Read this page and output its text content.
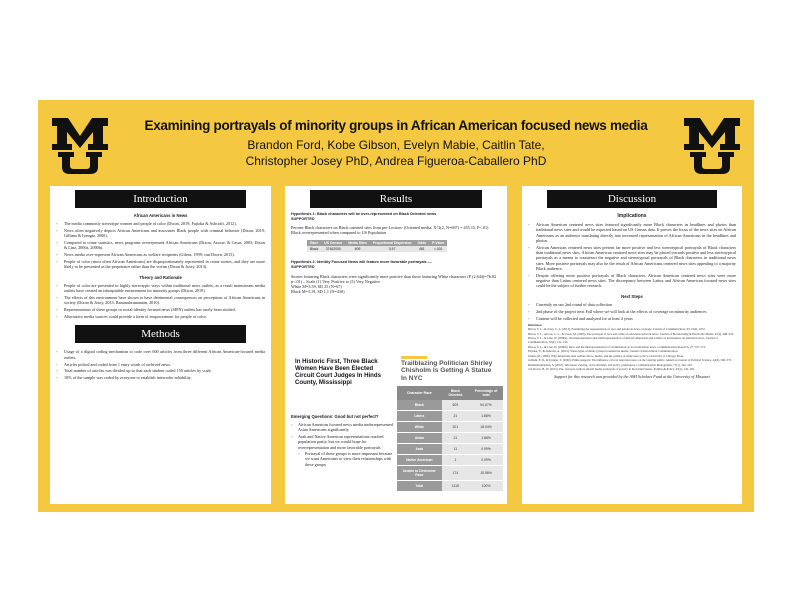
Examining portrayals of minority groups in African American focused news media
Brandon Ford, Kobe Gibson, Evelyn Mabie, Caitlin Tate,
Christopher Josey PhD, Andrea Figueroa-Caballero PhD
Introduction
African Americans in News
◦ The media commonly stereotype women and people of color (Dixon, 2019; Fujioka & Ashcraft, 2012).
◦ News often negatively depicts African Americans and associates Black people with criminal behavior (Dixon, 2019; Gilliam & Iyengar, 2000).
◦ Compared to crime statistics, news programs overrepresent African Americans (Dixon, Azocar, & Casas, 2003; Dixon & Linz, 2000a, 2000b).
◦ News media over-represent African Americans as welfare recipients (Gilens, 1999; van Doorn, 2015).
◦ People of color (most often African Americans) are disproportionately represented in crime stories, and they are more likely to be presented as the perpetrator rather than the victim (Dixon & Josey, 2013).
Theory and Rationale
◦ People of color are presented in highly stereotypic ways within traditional news outlets; as a result mainstream media outlets have created an inhospitable environment for minority groups (Dixon, 2019).
◦ The effects of this environment have shown to have detrimental consequences on perceptions of African Americans in society (Dixon & Josey, 2013; Ramasubramanian, 2010).
◦ Representations of these groups in social identity focused news (SIFN) outlets has rarely been studied.
◦ Alternative media sources could provide a form of empowerment for people of color.
Methods
◦ Usage of a digital coding mechanism to code over 600 articles from three different African American-focused media outlets.
◦ Articles picked and coded from 1 entry worth of archived news.
◦ Total number of articles was divided up so that each student coded 150 articles by scale.
◦ 10% of the sample was coded by everyone to establish intercoder reliability.
Results
Hypothesis 1: Black characters will be over-represented on Black Oriented news
SUPPORTED
Percent Black characters on Black oriented sites from pre-Lection- (Oriented media, X^2(2, N=667) = 455.15, P<.01)
Black overrepresented when compared to US Population
Race	US Census	Media Sites	Proportional Dispersion	Odds	P-Value
Black	37462000	609	0.57	481	<.001
Hypothesis 2: Identity Focused News will feature more favorable portrayals —
SUPPORTED
Stories featuring Black characters were significantly more positive than those featuring White characters (F (2,644)=76.02 p<.01) – Scale (1) Very Positive to (5) Very Negative
White M=3.59, SD 25 (N=67)
Black M=3.19, SD 1.1 (N=430)
In Historic First, Three Black Women Have Been Elected Circuit Court Judges In Hinds County, Mississippi
Trailblazing Politician Shirley Chisholm Is Getting A Statue In NYC
Emerging Questions: Good but not perfect?
◦ African American focused news media underrepresented Asian Americans significantly
◦ Arab and Native American representations reached population parity, but we would hope for overrepresentation and more favorable portrayals
◦ Portrayal of these groups is more important because we want Americans to view their relationships with these groups
Character Race	Black Oriented	Percentage of total
Black	609	54.67%
Latinx	21	1.88%
White	201	18.04%
Asian	21	1.88%
Arab	11	0.99%
Native American	1	0.09%
Unable to Determine Race	174	15.56%
Total	1115	100%
Discussion
Implications
◦ African American centered news sites featured significantly more Black characters in headlines and photos than traditional news sites and would be expected based on US Census data. It proves the focus of the news sites on African Americans as an audience translating directly into increased representation of African Americans in the headlines and photos.
◦ African American centered news sites present far more positive and less stereotypical portrayals of Black characters than traditional news sites. African American centered news sites may be placed towards positive and less stereotypical portrayals as a means to counteract the negative and stereotypical portrayals of Black characters in traditional news sites. More positive portrayals may also be the result of African Americans centered news sites appealing to a majority Black audience.
◦ Despite offering more positive portrayals of Black characters, African American centered news sites were more negative than Latinx centered news sites. The discrepancy between Latinx and African American focused news sites could be the subject of further research.
Next Steps
◦ Currently on our 2nd round of data collection
◦ 2nd phase of the project next Fall where we will look at the effects of coverage on minority audiences
◦ Content will be collected and analyzed for at least 4 years

References

Dixon, T. L., & Josey, C. L. (2013). Examining the representation of race and gender in news coverage. Journal of Communication, 63, 1045–1072.

Dixon, T. L., Azocar, C. L., & Casas, M. (2003). The portrayal of race and crime on television network news. Journal of Broadcasting & Electronic Media, 47(4), 498–523.

Dixon, T. L., & Linz, D. (2000a). Overrepresentation and underrepresentation of African Americans and Latinos as lawbreakers on television news. Journal of Communication, 50(2), 131–154.

Dixon, T. L., & Linz, D. (2000b). Race and the misrepresentation of victimization on local television news. Communication Research, 27, 547–573.

Fujioka, Y., & Ashcraft, A. (2012). Stereotypes of ethnic groups in American media. Journal of Intercultural Communication.

Gilens, M. (1999). Why Americans hate welfare: Race, media, and the politics of antipoverty policy. University of Chicago Press.

Gilliam, F. D., & Iyengar, S. (2000). Prime suspects: The influence of local television news on the viewing public. American Journal of Political Science, 44(3), 560–573.

Ramasubramanian, S. (2010). Television viewing, racial attitudes, and policy preferences. Communication Monographs, 77(1), 102–120.

van Doorn, B. W. (2015). Pre- and post-welfare reform media portrayals of poverty in the United States. Politics & Policy, 43(1), 142–162.

Support for this research was provided by the ASH Scholars Fund at the University of Missouri
